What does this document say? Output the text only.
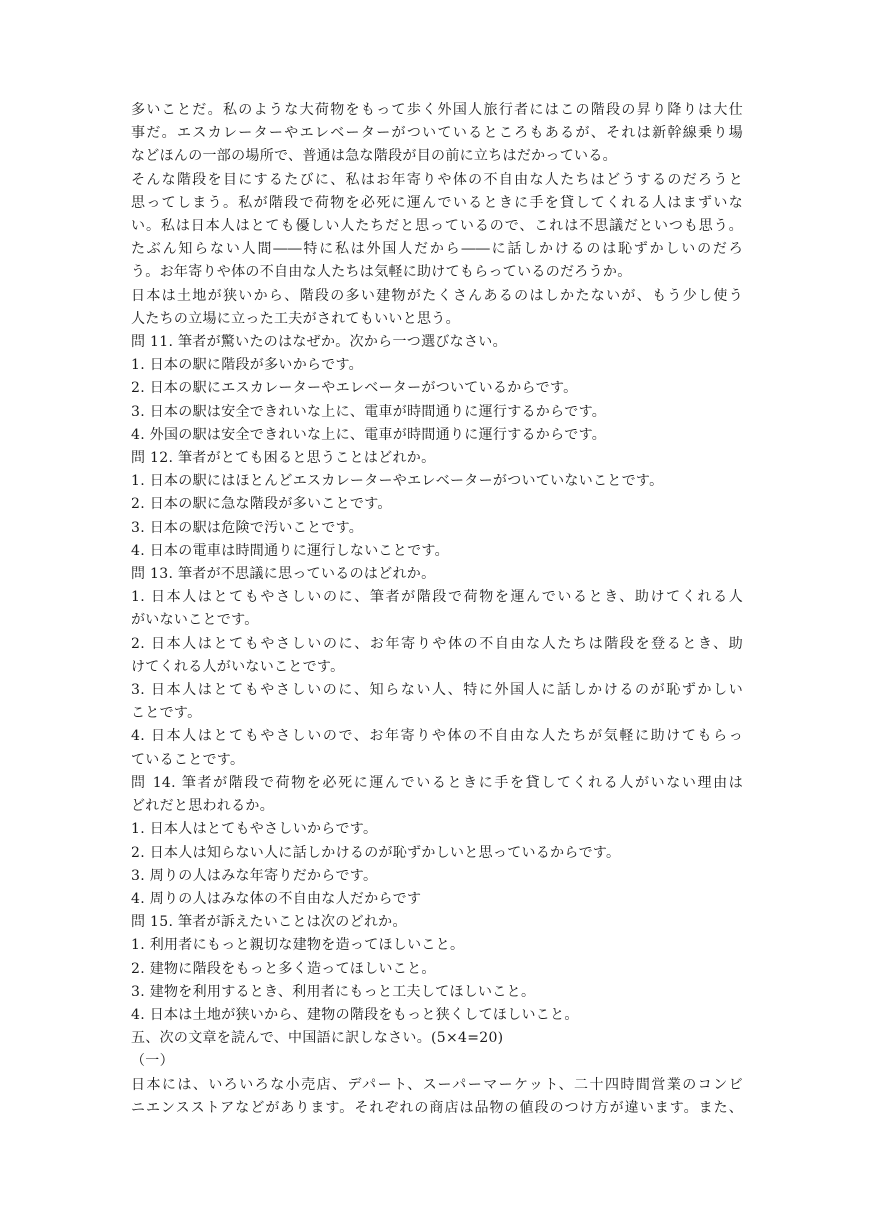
多いことだ。私のような大荷物をもって歩く外国人旅行者にはこの階段の昇り降りは大仕
事だ。エスカレーターやエレベーターがついているところもあるが、それは新幹線乗り場
などほんの一部の場所で、普通は急な階段が目の前に立ちはだかっている。
そんな階段を目にするたびに、私はお年寄りや体の不自由な人たちはどうするのだろうと
思ってしまう。私が階段で荷物を必死に運んでいるときに手を貸してくれる人はまずいな
い。私は日本人はとても優しい人たちだと思っているので、これは不思議だといつも思う。
たぶん知らない人間――特に私は外国人だから――に話しかけるのは恥ずかしいのだろ
う。お年寄りや体の不自由な人たちは気軽に助けてもらっているのだろうか。
日本は土地が狭いから、階段の多い建物がたくさんあるのはしかたないが、もう少し使う
人たちの立場に立った工夫がされてもいいと思う。
問 11. 筆者が驚いたのはなぜか。次から一つ選びなさい。
1. 日本の駅に階段が多いからです。
2. 日本の駅にエスカレーターやエレベーターがついているからです。
3. 日本の駅は安全できれいな上に、電車が時間通りに運行するからです。
4. 外国の駅は安全できれいな上に、電車が時間通りに運行するからです。
問 12. 筆者がとても困ると思うことはどれか。
1. 日本の駅にはほとんどエスカレーターやエレベーターがついていないことです。
2. 日本の駅に急な階段が多いことです。
3. 日本の駅は危険で汚いことです。
4. 日本の電車は時間通りに運行しないことです。
問 13. 筆者が不思議に思っているのはどれか。
1. 日本人はとてもやさしいのに、筆者が階段で荷物を運んでいるとき、助けてくれる人
がいないことです。
2. 日本人はとてもやさしいのに、お年寄りや体の不自由な人たちは階段を登るとき、助
けてくれる人がいないことです。
3. 日本人はとてもやさしいのに、知らない人、特に外国人に話しかけるのが恥ずかしい
ことです。
4. 日本人はとてもやさしいので、お年寄りや体の不自由な人たちが気軽に助けてもらっ
ていることです。
問 14. 筆者が階段で荷物を必死に運んでいるときに手を貸してくれる人がいない理由は
どれだと思われるか。
1. 日本人はとてもやさしいからです。
2. 日本人は知らない人に話しかけるのが恥ずかしいと思っているからです。
3. 周りの人はみな年寄りだからです。
4. 周りの人はみな体の不自由な人だからです
問 15. 筆者が訴えたいことは次のどれか。
1. 利用者にもっと親切な建物を造ってほしいこと。
2. 建物に階段をもっと多く造ってほしいこと。
3. 建物を利用するとき、利用者にもっと工夫してほしいこと。
4. 日本は土地が狭いから、建物の階段をもっと狭くしてほしいこと。
五、次の文章を読んで、中国語に訳しなさい。(5×4=20)
（一）
日本には、いろいろな小売店、デパート、スーパーマーケット、二十四時間営業のコンビ
ニエンスストアなどがあります。それぞれの商店は品物の値段のつけ方が違います。また、
